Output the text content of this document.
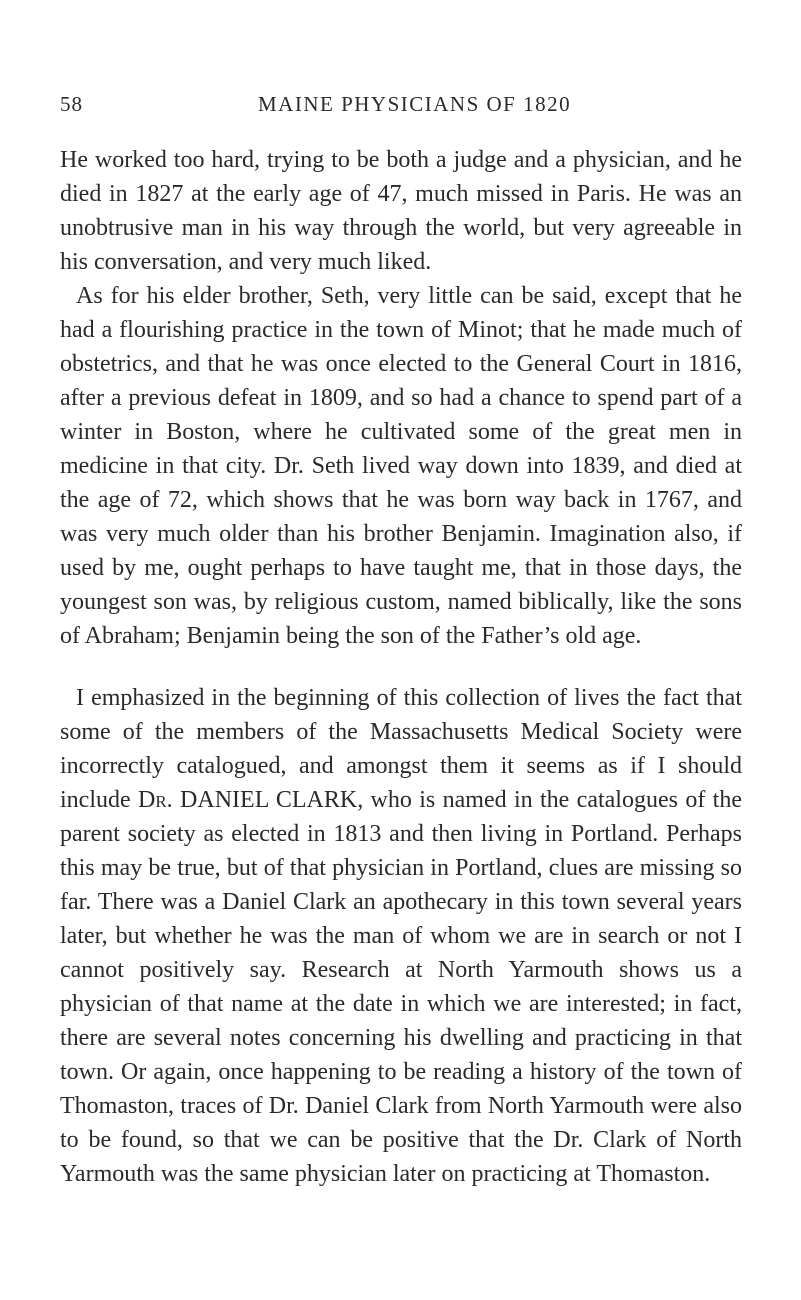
58	MAINE PHYSICIANS OF 1820

He worked too hard, trying to be both a judge and a physician, and he died in 1827 at the early age of 47, much missed in Paris. He was an unobtrusive man in his way through the world, but very agreeable in his conversation, and very much liked.

As for his elder brother, Seth, very little can be said, except that he had a flourishing practice in the town of Minot; that he made much of obstetrics, and that he was once elected to the General Court in 1816, after a previous defeat in 1809, and so had a chance to spend part of a winter in Boston, where he cultivated some of the great men in medicine in that city. Dr. Seth lived way down into 1839, and died at the age of 72, which shows that he was born way back in 1767, and was very much older than his brother Benjamin. Imagination also, if used by me, ought perhaps to have taught me, that in those days, the youngest son was, by religious custom, named biblically, like the sons of Abraham; Benjamin being the son of the Father’s old age.

I emphasized in the beginning of this collection of lives the fact that some of the members of the Massachusetts Medical Society were incorrectly catalogued, and amongst them it seems as if I should include Dr. DANIEL CLARK, who is named in the catalogues of the parent society as elected in 1813 and then living in Portland. Perhaps this may be true, but of that physician in Portland, clues are missing so far. There was a Daniel Clark an apothecary in this town several years later, but whether he was the man of whom we are in search or not I cannot positively say. Research at North Yarmouth shows us a physician of that name at the date in which we are interested; in fact, there are several notes concerning his dwelling and practicing in that town. Or again, once happening to be reading a history of the town of Thomaston, traces of Dr. Daniel Clark from North Yarmouth were also to be found, so that we can be positive that the Dr. Clark of North Yarmouth was the same physician later on practicing at Thomaston.
